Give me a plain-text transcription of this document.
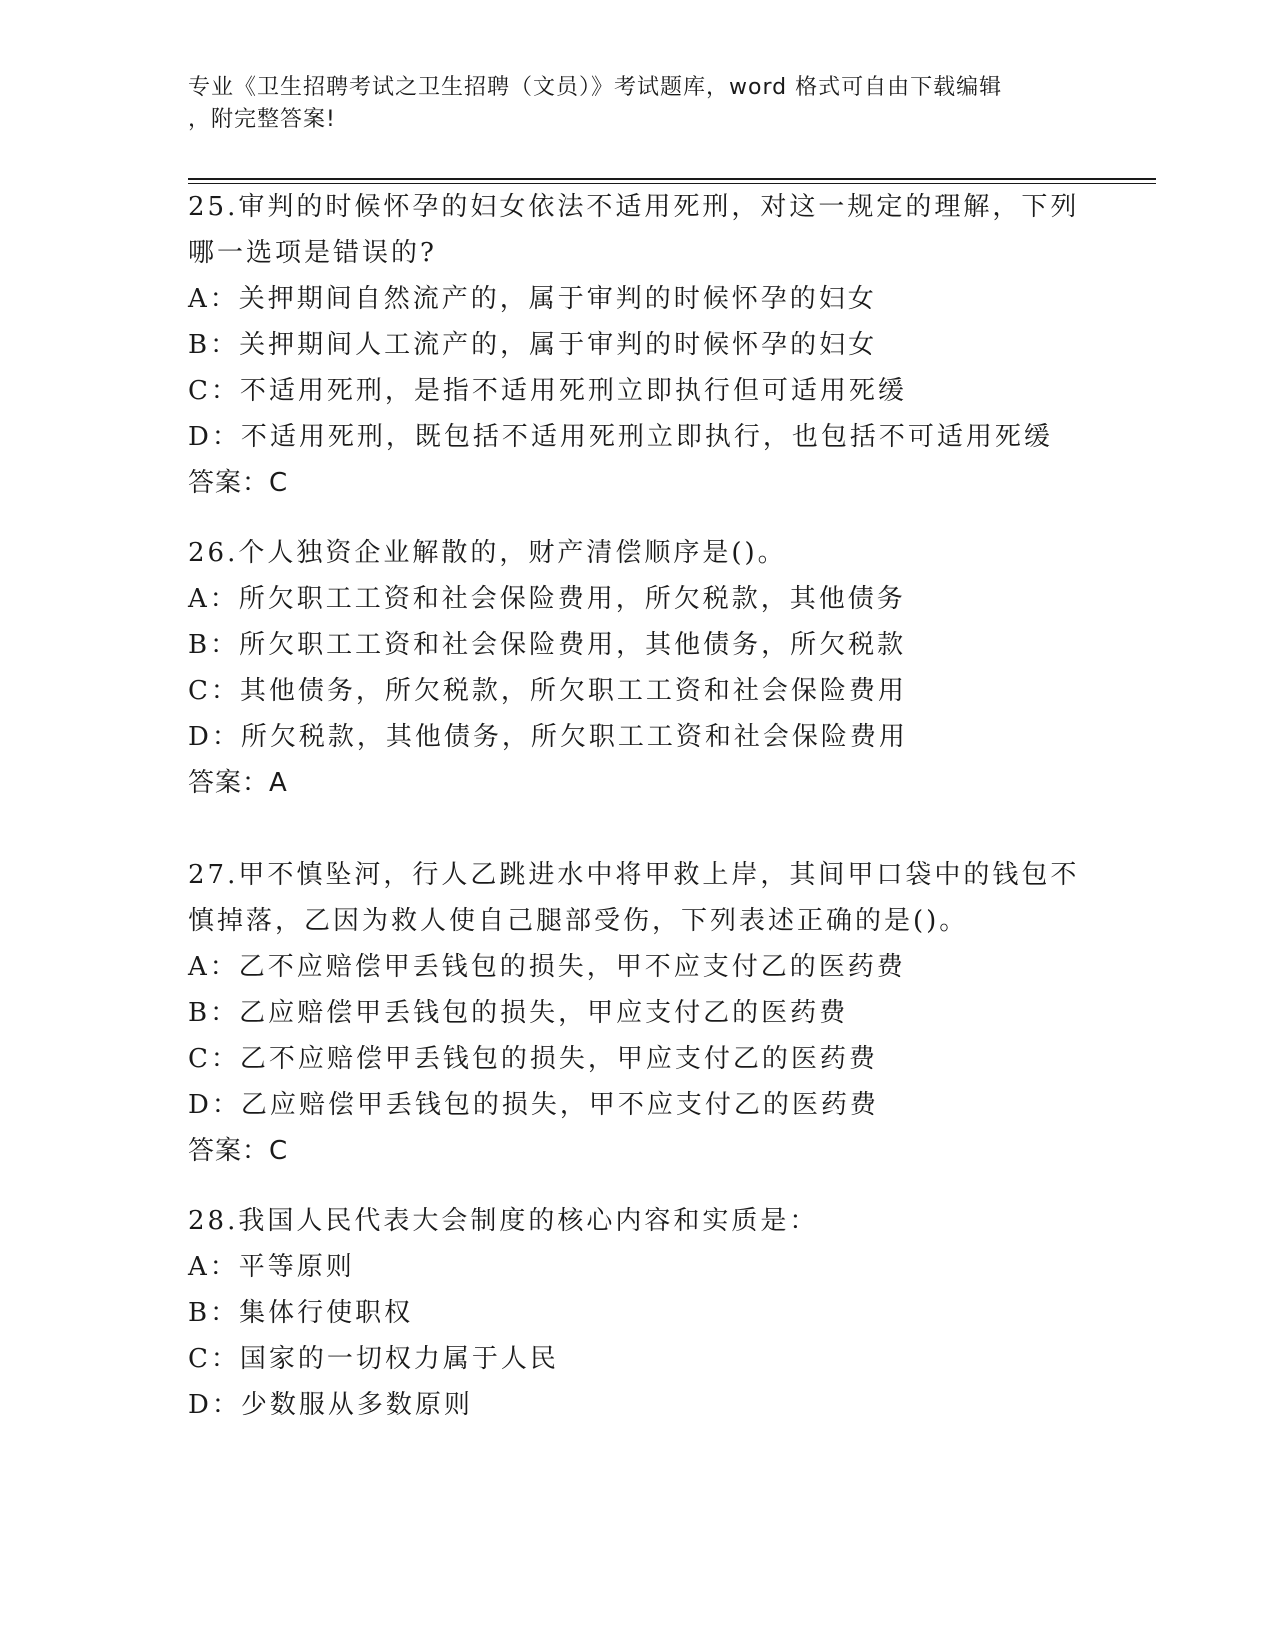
专业《卫生招聘考试之卫生招聘（文员）》考试题库，word 格式可自由下载编辑
，附完整答案!
25.审判的时候怀孕的妇女依法不适用死刑，对这一规定的理解，下列
哪一选项是错误的?
A：关押期间自然流产的，属于审判的时候怀孕的妇女
B：关押期间人工流产的，属于审判的时候怀孕的妇女
C：不适用死刑，是指不适用死刑立即执行但可适用死缓
D：不适用死刑，既包括不适用死刑立即执行，也包括不可适用死缓
答案：C
26.个人独资企业解散的，财产清偿顺序是()。
A：所欠职工工资和社会保险费用，所欠税款，其他债务
B：所欠职工工资和社会保险费用，其他债务，所欠税款
C：其他债务，所欠税款，所欠职工工资和社会保险费用
D：所欠税款，其他债务，所欠职工工资和社会保险费用
答案：A
27.甲不慎坠河，行人乙跳进水中将甲救上岸，其间甲口袋中的钱包不
慎掉落，乙因为救人使自己腿部受伤，下列表述正确的是()。
A：乙不应赔偿甲丢钱包的损失，甲不应支付乙的医药费
B：乙应赔偿甲丢钱包的损失，甲应支付乙的医药费
C：乙不应赔偿甲丢钱包的损失，甲应支付乙的医药费
D：乙应赔偿甲丢钱包的损失，甲不应支付乙的医药费
答案：C
28.我国人民代表大会制度的核心内容和实质是：
A：平等原则
B：集体行使职权
C：国家的一切权力属于人民
D：少数服从多数原则
